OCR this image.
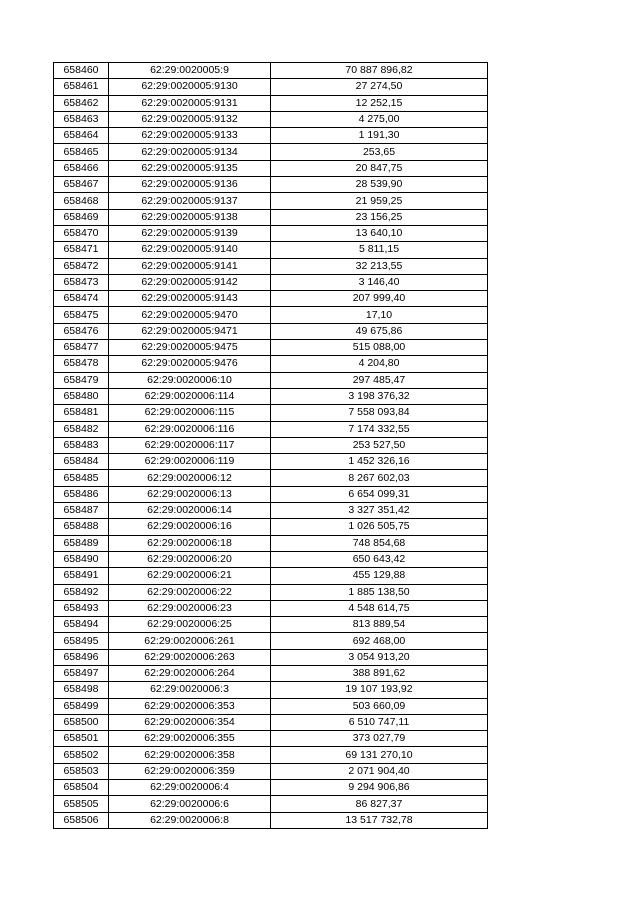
658460	62:29:0020005:9	70 887 896,82
658461	62:29:0020005:9130	27 274,50
658462	62:29:0020005:9131	12 252,15
658463	62:29:0020005:9132	4 275,00
658464	62:29:0020005:9133	1 191,30
658465	62:29:0020005:9134	253,65
658466	62:29:0020005:9135	20 847,75
658467	62:29:0020005:9136	28 539,90
658468	62:29:0020005:9137	21 959,25
658469	62:29:0020005:9138	23 156,25
658470	62:29:0020005:9139	13 640,10
658471	62:29:0020005:9140	5 811,15
658472	62:29:0020005:9141	32 213,55
658473	62:29:0020005:9142	3 146,40
658474	62:29:0020005:9143	207 999,40
658475	62:29:0020005:9470	17,10
658476	62:29:0020005:9471	49 675,86
658477	62:29:0020005:9475	515 088,00
658478	62:29:0020005:9476	4 204,80
658479	62:29:0020006:10	297 485,47
658480	62:29:0020006:114	3 198 376,32
658481	62:29:0020006:115	7 558 093,84
658482	62:29:0020006:116	7 174 332,55
658483	62:29:0020006:117	253 527,50
658484	62:29:0020006:119	1 452 326,16
658485	62:29:0020006:12	8 267 602,03
658486	62:29:0020006:13	6 654 099,31
658487	62:29:0020006:14	3 327 351,42
658488	62:29:0020006:16	1 026 505,75
658489	62:29:0020006:18	748 854,68
658490	62:29:0020006:20	650 643,42
658491	62:29:0020006:21	455 129,88
658492	62:29:0020006:22	1 885 138,50
658493	62:29:0020006:23	4 548 614,75
658494	62:29:0020006:25	813 889,54
658495	62:29:0020006:261	692 468,00
658496	62:29:0020006:263	3 054 913,20
658497	62:29:0020006:264	388 891,62
658498	62:29:0020006:3	19 107 193,92
658499	62:29:0020006:353	503 660,09
658500	62:29:0020006:354	6 510 747,11
658501	62:29:0020006:355	373 027,79
658502	62:29:0020006:358	69 131 270,10
658503	62:29:0020006:359	2 071 904,40
658504	62:29:0020006:4	9 294 906,86
658505	62:29:0020006:6	86 827,37
658506	62:29:0020006:8	13 517 732,78
